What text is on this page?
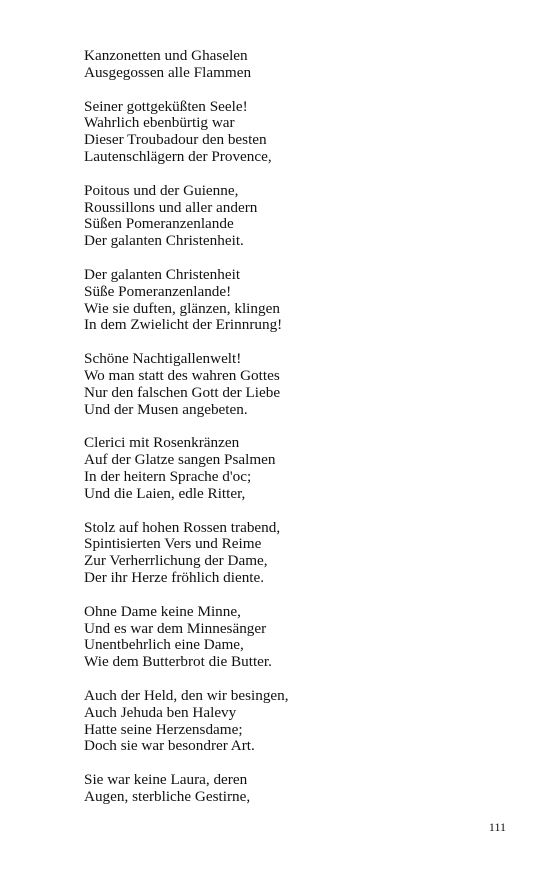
Kanzonetten und Ghaselen
Ausgegossen alle Flammen
Seiner gottgeküßten Seele!
Wahrlich ebenbürtig war
Dieser Troubadour den besten
Lautenschlägern der Provence,
Poitous und der Guienne,
Roussillons und aller andern
Süßen Pomeranzenlande
Der galanten Christenheit.
Der galanten Christenheit
Süße Pomeranzenlande!
Wie sie duften, glänzen, klingen
In dem Zwielicht der Erinnrung!
Schöne Nachtigallenwelt!
Wo man statt des wahren Gottes
Nur den falschen Gott der Liebe
Und der Musen angebeten.
Clerici mit Rosenkränzen
Auf der Glatze sangen Psalmen
In der heitern Sprache d'oc;
Und die Laien, edle Ritter,
Stolz auf hohen Rossen trabend,
Spintisierten Vers und Reime
Zur Verherrlichung der Dame,
Der ihr Herze fröhlich diente.
Ohne Dame keine Minne,
Und es war dem Minnesänger
Unentbehrlich eine Dame,
Wie dem Butterbrot die Butter.
Auch der Held, den wir besingen,
Auch Jehuda ben Halevy
Hatte seine Herzensdame;
Doch sie war besondrer Art.
Sie war keine Laura, deren
Augen, sterbliche Gestirne,
111
